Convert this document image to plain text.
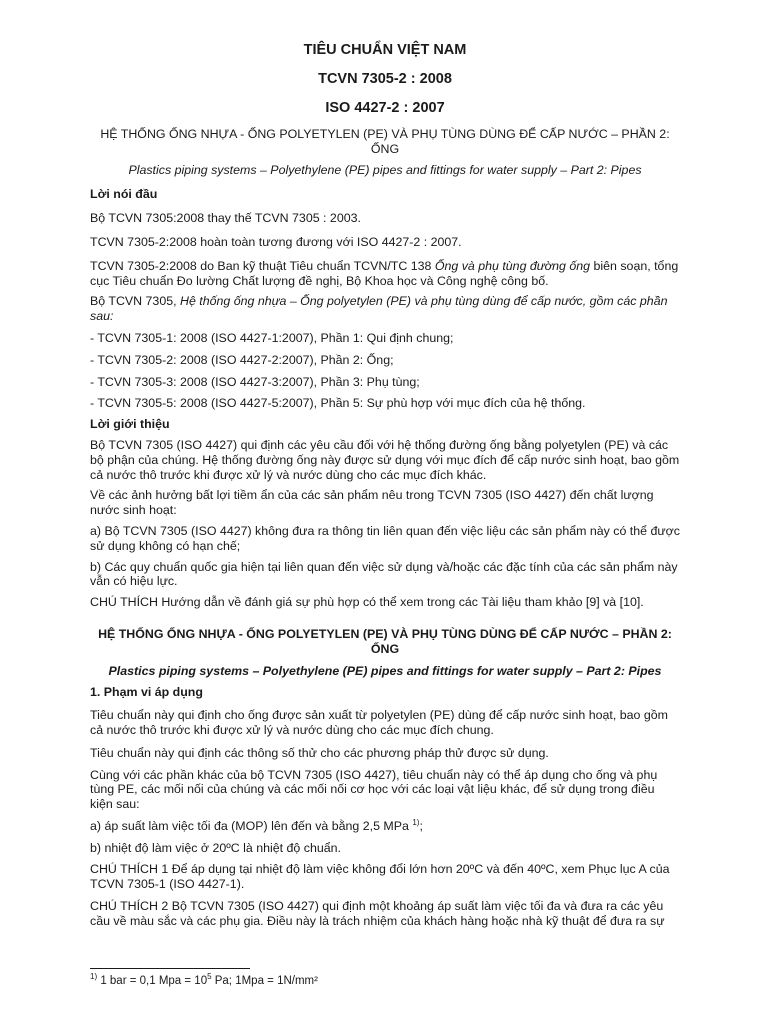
TIÊU CHUẨN VIỆT NAM

TCVN 7305-2 : 2008

ISO 4427-2 : 2007

HỆ THỐNG ỐNG NHỰA - ỐNG POLYETYLEN (PE) VÀ PHỤ TÙNG DÙNG ĐỂ CẤP NƯỚC – PHẦN 2: ỐNG

Plastics piping systems – Polyethylene (PE) pipes and fittings for water supply – Part 2: Pipes

Lời nói đầu

Bộ TCVN 7305:2008 thay thế TCVN 7305 : 2003.

TCVN 7305-2:2008 hoàn toàn tương đương với ISO 4427-2 : 2007.

TCVN 7305-2:2008 do Ban kỹ thuật Tiêu chuẩn TCVN/TC 138 Ống và phụ tùng đường ống biên soạn, tổng cục Tiêu chuẩn Đo lường Chất lượng đề nghị, Bộ Khoa học và Công nghệ công bố.

Bộ TCVN 7305, Hệ thống ống nhựa – Ống polyetylen (PE) và phụ tùng dùng để cấp nước, gồm các phần sau:

- TCVN 7305-1: 2008 (ISO 4427-1:2007), Phần 1: Qui định chung;

- TCVN 7305-2: 2008 (ISO 4427-2:2007), Phần 2: Ống;

- TCVN 7305-3: 2008 (ISO 4427-3:2007), Phần 3: Phụ tùng;

- TCVN 7305-5: 2008 (ISO 4427-5:2007), Phần 5: Sự phù hợp với mục đích của hệ thống.

Lời giới thiệu

Bộ TCVN 7305 (ISO 4427) qui định các yêu cầu đối với hệ thống đường ống bằng polyetylen (PE) và các bộ phận của chúng. Hệ thống đường ống này được sử dụng với mục đích để cấp nước sinh hoạt, bao gồm cả nước thô trước khi được xử lý và nước dùng cho các mục đích khác.

Về các ảnh hưởng bất lợi tiềm ẩn của các sản phẩm nêu trong TCVN 7305 (ISO 4427) đến chất lượng nước sinh hoạt:

a) Bộ TCVN 7305 (ISO 4427) không đưa ra thông tin liên quan đến việc liệu các sản phẩm này có thể được sử dụng không có hạn chế;

b) Các quy chuẩn quốc gia hiện tại liên quan đến việc sử dụng và/hoặc các đặc tính của các sản phẩm này vẫn có hiệu lực.

CHÚ THÍCH Hướng dẫn về đánh giá sự phù hợp có thể xem trong các Tài liệu tham khảo [9] và [10].

HỆ THỐNG ỐNG NHỰA - ỐNG POLYETYLEN (PE) VÀ PHỤ TÙNG DÙNG ĐỂ CẤP NƯỚC – PHẦN 2: ỐNG

Plastics piping systems – Polyethylene (PE) pipes and fittings for water supply – Part 2: Pipes

1. Phạm vi áp dụng

Tiêu chuẩn này qui định cho ống được sản xuất từ polyetylen (PE) dùng để cấp nước sinh hoạt, bao gồm cả nước thô trước khi được xử lý và nước dùng cho các mục đích chung.

Tiêu chuẩn này qui định các thông số thử cho các phương pháp thử được sử dụng.

Cùng với các phần khác của bộ TCVN 7305 (ISO 4427), tiêu chuẩn này có thể áp dụng cho ống và phụ tùng PE, các mối nối của chúng và các mối nối cơ học với các loại vật liệu khác, để sử dụng trong điều kiện sau:

a) áp suất làm việc tối đa (MOP) lên đến và bằng 2,5 MPa $^{1)}$;

b) nhiệt độ làm việc ở 20ºC là nhiệt độ chuẩn.

CHÚ THÍCH 1 Để áp dụng tại nhiệt độ làm việc không đổi lớn hơn 20ºC và đến 40ºC, xem Phục lục A của TCVN 7305-1 (ISO 4427-1).

CHÚ THÍCH 2 Bộ TCVN 7305 (ISO 4427) qui định một khoảng áp suất làm việc tối đa và đưa ra các yêu cầu về màu sắc và các phụ gia. Điều này là trách nhiệm của khách hàng hoặc nhà kỹ thuật để đưa ra sự

$^{1)}$ 1 bar = 0,1 Mpa = $10^5$ Pa; 1Mpa = 1N/mm²
